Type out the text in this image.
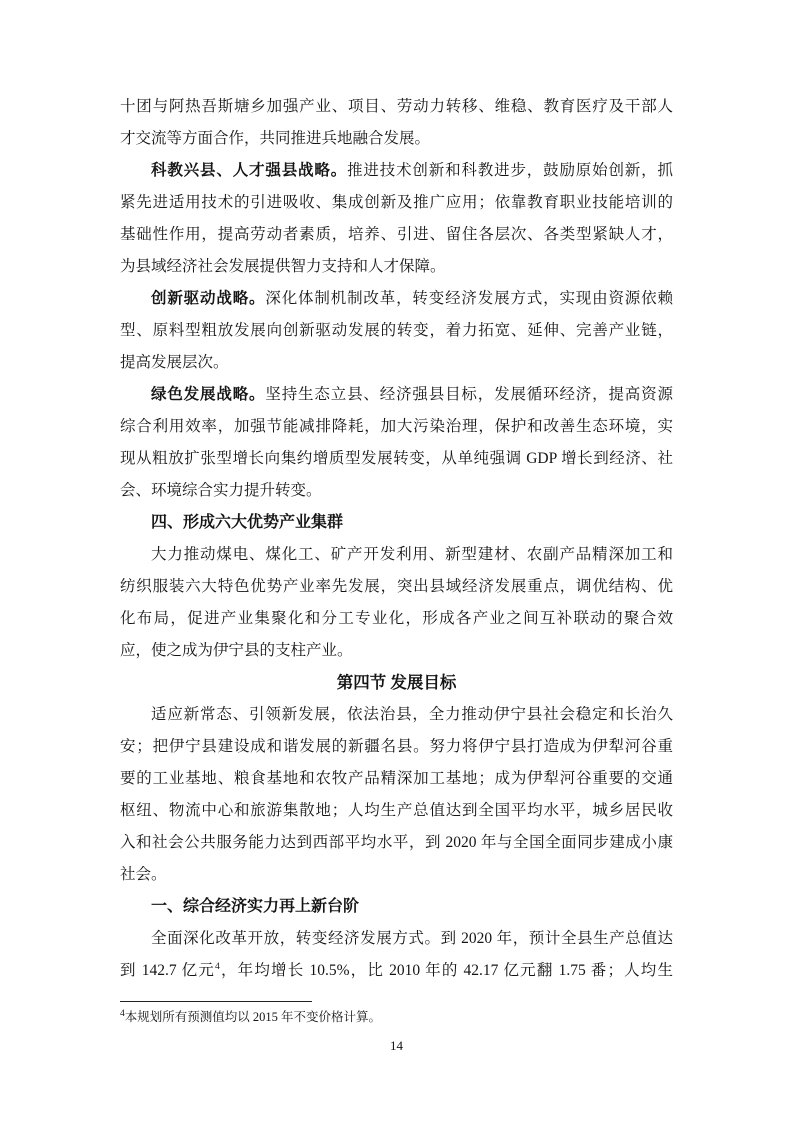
十团与阿热吾斯塘乡加强产业、项目、劳动力转移、维稳、教育医疗及干部人
才交流等方面合作，共同推进兵地融合发展。
科教兴县、人才强县战略。推进技术创新和科教进步，鼓励原始创新，抓
紧先进适用技术的引进吸收、集成创新及推广应用；依靠教育职业技能培训的
基础性作用，提高劳动者素质，培养、引进、留住各层次、各类型紧缺人才，
为县域经济社会发展提供智力支持和人才保障。
创新驱动战略。深化体制机制改革，转变经济发展方式，实现由资源依赖
型、原料型粗放发展向创新驱动发展的转变，着力拓宽、延伸、完善产业链，
提高发展层次。
绿色发展战略。坚持生态立县、经济强县目标，发展循环经济，提高资源
综合利用效率，加强节能减排降耗，加大污染治理，保护和改善生态环境，实
现从粗放扩张型增长向集约增质型发展转变，从单纯强调 GDP 增长到经济、社
会、环境综合实力提升转变。
四、形成六大优势产业集群
大力推动煤电、煤化工、矿产开发利用、新型建材、农副产品精深加工和
纺织服装六大特色优势产业率先发展，突出县域经济发展重点，调优结构、优
化布局，促进产业集聚化和分工专业化，形成各产业之间互补联动的聚合效
应，使之成为伊宁县的支柱产业。
第四节 发展目标
适应新常态、引领新发展，依法治县，全力推动伊宁县社会稳定和长治久
安；把伊宁县建设成和谐发展的新疆名县。努力将伊宁县打造成为伊犁河谷重
要的工业基地、粮食基地和农牧产品精深加工基地；成为伊犁河谷重要的交通
枢纽、物流中心和旅游集散地；人均生产总值达到全国平均水平，城乡居民收
入和社会公共服务能力达到西部平均水平，到 2020 年与全国全面同步建成小康
社会。
一、综合经济实力再上新台阶
全面深化改革开放，转变经济发展方式。到 2020 年，预计全县生产总值达
到 142.7 亿元$^4$，年均增长 10.5%，比 2010 年的 42.17 亿元翻 1.75 番；人均生
$^4$本规划所有预测值均以 2015 年不变价格计算。
14
